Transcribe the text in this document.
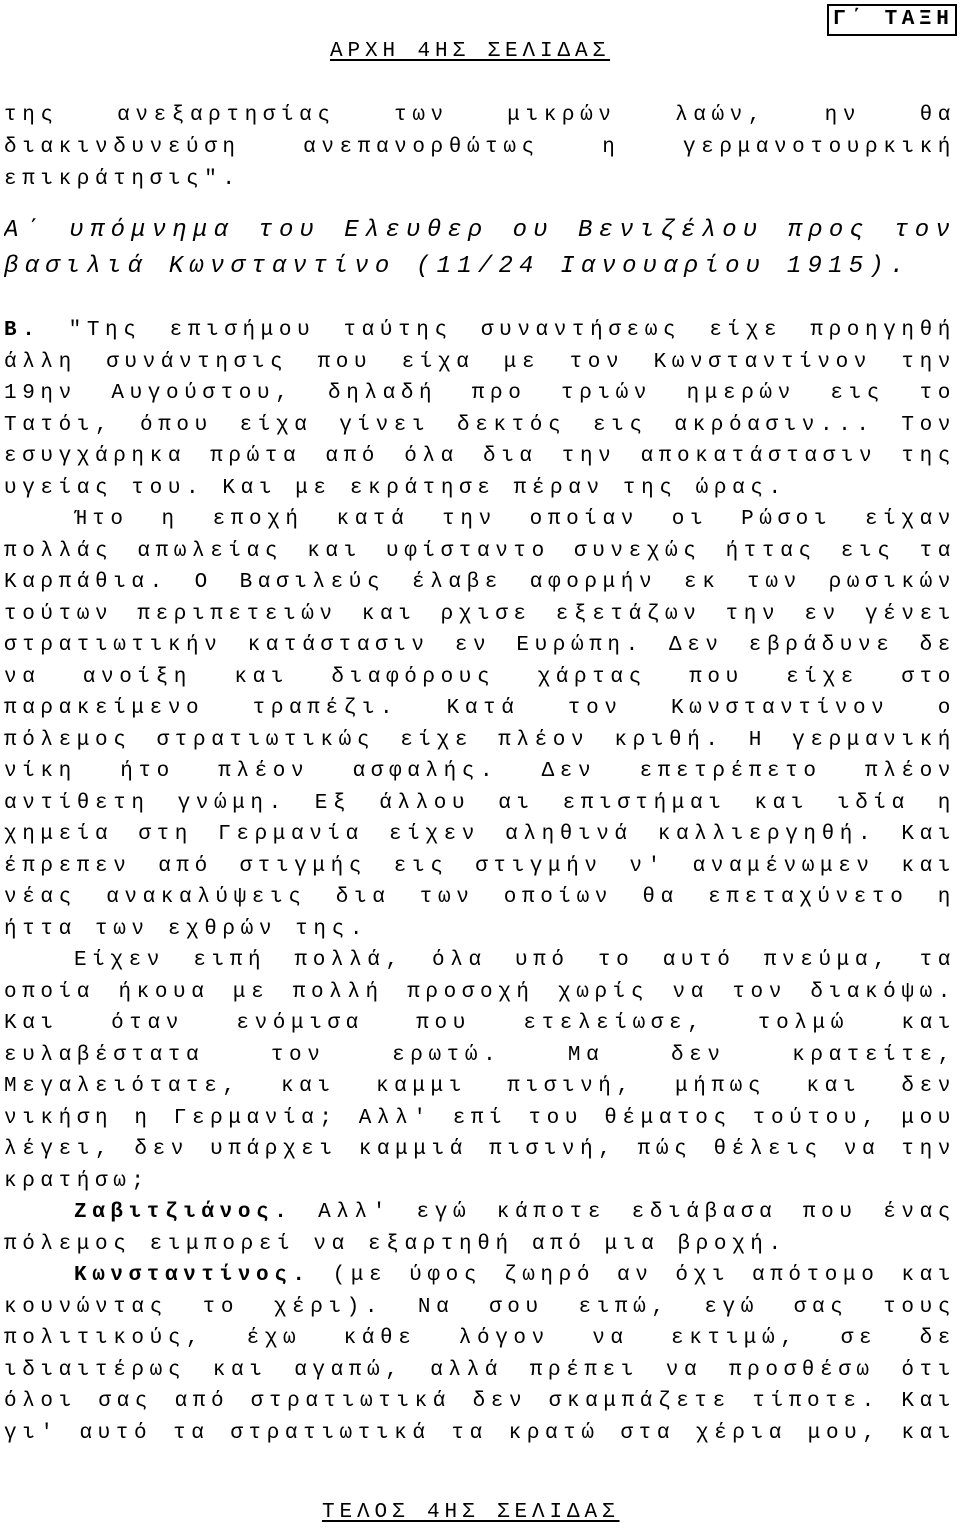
Γ΄ ΤΑΞΗ
ΑΡΧΗ 4ΗΣ ΣΕΛΙΔΑΣ
της ανεξαρτησίας των μικρών λαών, ην θα
διακινδυνεύση ανεπανορθώτως η γερμανοτουρκική
επικράτησις".
Α΄ υπόμνημα του Ελευθερ ου Βενιζέλου προς τον
βασιλιά Κωνσταντίνο (11/24 Ιανουαρίου 1915).
Β. "Της επισήμου ταύτης συναντήσεως είχε προηγηθή
άλλη συνάντησις που είχα με τον Κωνσταντίνον την
19ην Αυγούστου, δηλαδή προ τριών ημερών εις το
Τατόι, όπου είχα γίνει δεκτός εις ακρόασιν... Τον
εσυγχάρηκα πρώτα από όλα δια την αποκατάστασιν της
υγείας του. Και με εκράτησε πέραν της ώρας.
Ήτο η εποχή κατά την οποίαν οι Ρώσοι είχαν
πολλάς απωλείας και υφίσταντο συνεχώς ήττας εις τα
Καρπάθια. Ο Βασιλεύς έλαβε αφορμήν εκ των ρωσικών
τούτων περιπετειών και ρχισε εξετάζων την εν γένει
στρατιωτικήν κατάστασιν εν Ευρώπη. Δεν εβράδυνε δε
να ανοίξη και διαφόρους χάρτας που είχε στο
παρακείμενο τραπέζι. Κατά τον Κωνσταντίνον ο
πόλεμος στρατιωτικώς είχε πλέον κριθή. Η γερμανική
νίκη ήτο πλέον ασφαλής. Δεν επετρέπετο πλέον
αντίθετη γνώμη. Εξ άλλου αι επιστήμαι και ιδία η
χημεία στη Γερμανία είχεν αληθινά καλλιεργηθή. Και
έπρεπεν από στιγμής εις στιγμήν ν' αναμένωμεν και
νέας ανακαλύψεις δια των οποίων θα επεταχύνετο η
ήττα των εχθρών της.
Είχεν ειπή πολλά, όλα υπό το αυτό πνεύμα, τα
οποία ήκουα με πολλή προσοχή χωρίς να τον διακόψω.
Και όταν ενόμισα που ετελείωσε, τολμώ και
ευλαβέστατα τον ερωτώ. Μα δεν κρατείτε,
Μεγαλειότατε, και καμμι πισινή, μήπως και δεν
νικήση η Γερμανία; Αλλ' επί του θέματος τούτου, μου
λέγει, δεν υπάρχει καμμιά πισινή, πώς θέλεις να την
κρατήσω;
Ζαβιτζιάνος. Αλλ' εγώ κάποτε εδιάβασα που ένας
πόλεμος ειμπορεί να εξαρτηθή από μια βροχή.
Κωνσταντίνος. (με ύφος ζωηρό αν όχι απότομο και
κουνώντας το χέρι). Να σου ειπώ, εγώ σας τους
πολιτικούς, έχω κάθε λόγον να εκτιμώ, σε δε
ιδιαιτέρως και αγαπώ, αλλά πρέπει να προσθέσω ότι
όλοι σας από στρατιωτικά δεν σκαμπάζετε τίποτε. Και
γι' αυτό τα στρατιωτικά τα κρατώ στα χέρια μου, και
ΤΕΛΟΣ 4ΗΣ ΣΕΛΙΔΑΣ
